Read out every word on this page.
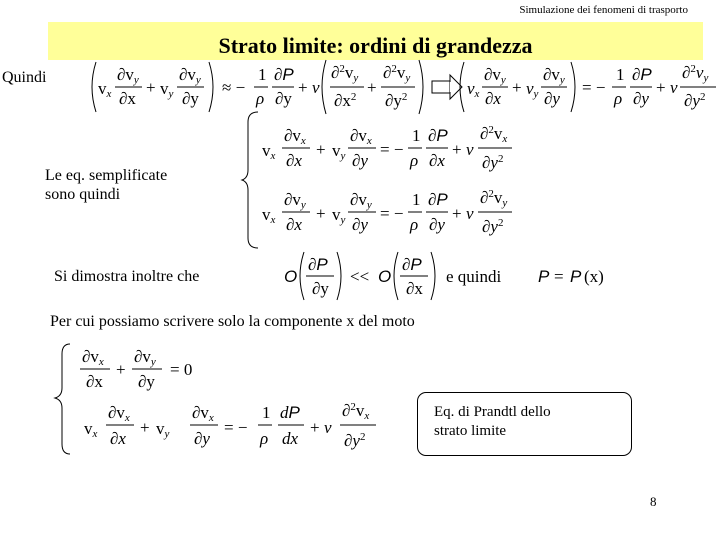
Simulazione dei fenomeni di trasporto
Strato limite: ordini di grandezza
Quindi
vx
∂vy
∂x
+ vy
∂vy
∂y
≈ −
1
ρ
∂P
∂y
+ ν
∂$^2$vy
$\partial x^2$ +
∂$^2$vy
$\partial y^2$	vx
∂vy
∂x
+ vy
∂vy
∂y
= −
1
ρ
∂P
∂y
+ ν
∂$^2$vy
$\partial y^2$
Le eq. semplificate
sono quindi
vx
∂vx
∂x
+ vy
∂vx
∂y
= −
1
ρ
∂P
∂x
+ ν
∂$^2$vx
$\partial y^2$
vx
∂vy
∂x
+ vy
∂vy
∂y
= −
1
ρ
∂P
∂y
+ ν
∂$^2$vy
$\partial y^2$
Si dimostra inoltre che	O
∂P
∂y
<< O
∂P
∂x
e quindi P = P (x)
Per cui possiamo scrivere solo la componente x del moto
∂vx
∂x
+
∂vy
∂y
= 0
vx
∂vx
∂x
+ vy
∂vx
∂y
= −
1
ρ
dP
dx
+ ν
∂$^2$vx
$\partial y^2$
Eq. di Prandtl dello
strato limite
8
